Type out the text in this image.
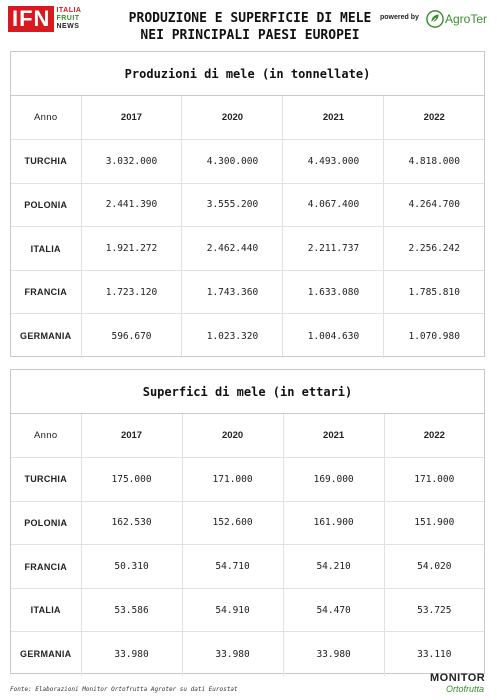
IFN ITALIA
FRUIT
NEWS
PRODUZIONE E SUPERFICIE DI MELE
NEI PRINCIPALI PAESI EUROPEI
powered by AgroTer
Produzioni di mele (in tonnellate)
Anno	2017	2020	2021	2022
TURCHIA	3.032.000	4.300.000	4.493.000	4.818.000
POLONIA	2.441.390	3.555.200	4.067.400	4.264.700
ITALIA	1.921.272	2.462.440	2.211.737	2.256.242
FRANCIA	1.723.120	1.743.360	1.633.080	1.785.810
GERMANIA	596.670	1.023.320	1.004.630	1.070.980
Superfici di mele (in ettari)
Anno	2017	2020	2021	2022
TURCHIA	175.000	171.000	169.000	171.000
POLONIA	162.530	152.600	161.900	151.900
FRANCIA	50.310	54.710	54.210	54.020
ITALIA	53.586	54.910	54.470	53.725
GERMANIA	33.980	33.980	33.980	33.110
Fonte: Elaborazioni Monitor Ortofrutta Agroter su dati Eurostat
MONITOR
Ortofrutta
